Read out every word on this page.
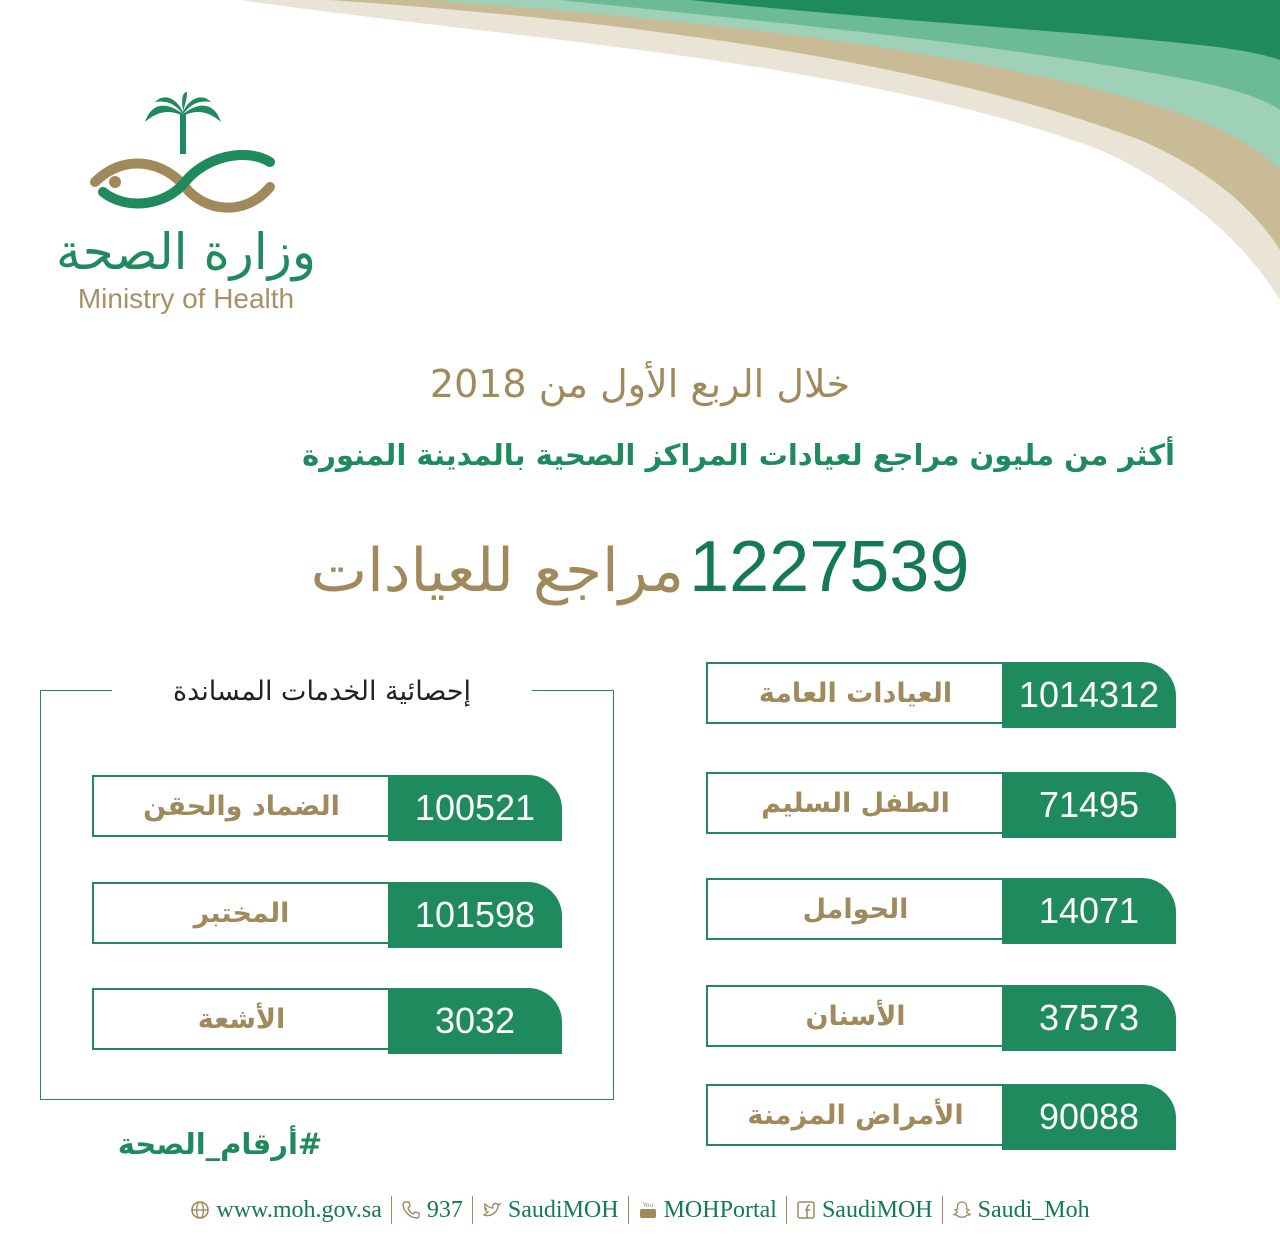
وزارة الصحة
Ministry of Health
خلال الربع الأول من 2018
أكثر من مليون مراجع لعيادات المراكز الصحية بالمدينة المنورة
1227539 مراجع للعيادات
العيادات العامة	1014312
الطفل السليم	71495
الحوامل	14071
الأسنان	37573
الأمراض المزمنة	90088
إحصائية الخدمات المساندة
الضماد والحقن	100521
المختبر	101598
الأشعة	3032
#أرقام_الصحة
www.moh.gov.sa 937 SaudiMOH	You MOHPortal SaudiMOH Saudi_Moh
